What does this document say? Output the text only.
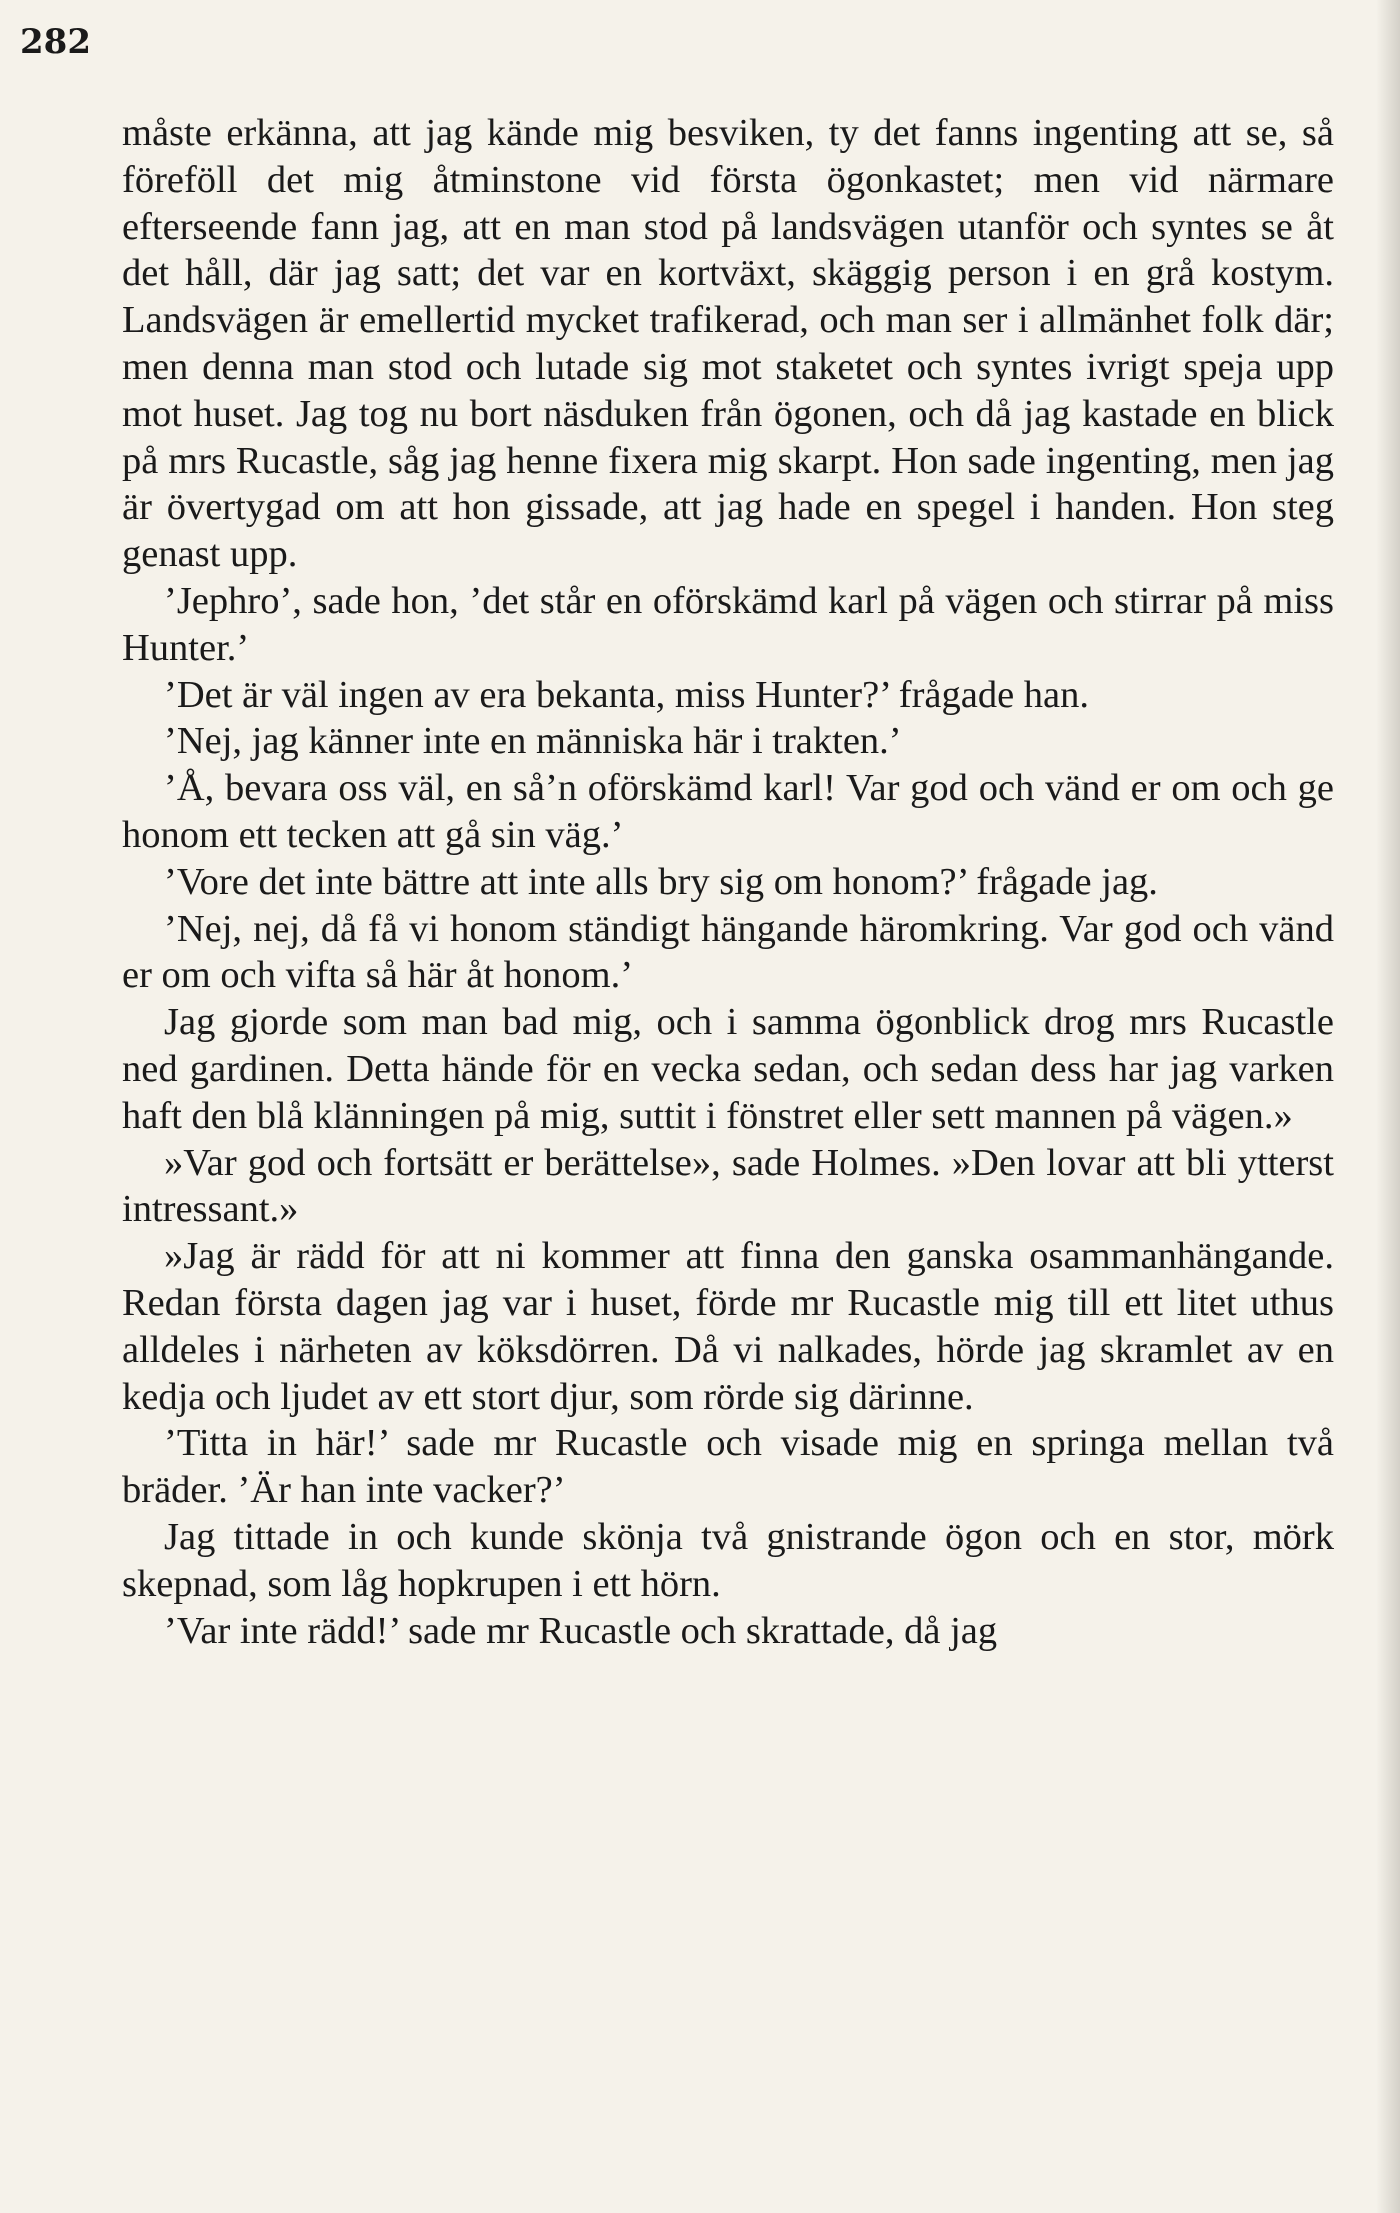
282

måste erkänna, att jag kände mig besviken, ty det fanns ingenting att se, så föreföll det mig åtminstone vid första ögonkastet; men vid närmare efterseende fann jag, att en man stod på landsvägen utanför och syntes se åt det håll, där jag satt; det var en kortväxt, skäggig person i en grå kostym. Landsvägen är emellertid mycket trafikerad, och man ser i allmänhet folk där; men denna man stod och lutade sig mot staketet och syntes ivrigt speja upp mot huset. Jag tog nu bort näsduken från ögonen, och då jag kastade en blick på mrs Rucastle, såg jag henne fixera mig skarpt. Hon sade ingenting, men jag är övertygad om att hon gissade, att jag hade en spegel i handen. Hon steg genast upp.

’Jephro’, sade hon, ’det står en oförskämd karl på vägen och stirrar på miss Hunter.’

’Det är väl ingen av era bekanta, miss Hunter?’ frågade han.

’Nej, jag känner inte en människa här i trakten.’

’Å, bevara oss väl, en så’n oförskämd karl! Var god och vänd er om och ge honom ett tecken att gå sin väg.’

’Vore det inte bättre att inte alls bry sig om honom?’ frågade jag.

’Nej, nej, då få vi honom ständigt hängande häromkring. Var god och vänd er om och vifta så här åt honom.’

Jag gjorde som man bad mig, och i samma ögonblick drog mrs Rucastle ned gardinen. Detta hände för en vecka sedan, och sedan dess har jag varken haft den blå klänningen på mig, suttit i fönstret eller sett mannen på vägen.»

»Var god och fortsätt er berättelse», sade Holmes. »Den lovar att bli ytterst intressant.»

»Jag är rädd för att ni kommer att finna den ganska osammanhängande. Redan första dagen jag var i huset, förde mr Rucastle mig till ett litet uthus alldeles i närheten av köksdörren. Då vi nalkades, hörde jag skramlet av en kedja och ljudet av ett stort djur, som rörde sig därinne.

’Titta in här!’ sade mr Rucastle och visade mig en springa mellan två bräder. ’Är han inte vacker?’

Jag tittade in och kunde skönja två gnistrande ögon och en stor, mörk skepnad, som låg hopkrupen i ett hörn.

’Var inte rädd!’ sade mr Rucastle och skrattade, då jag
